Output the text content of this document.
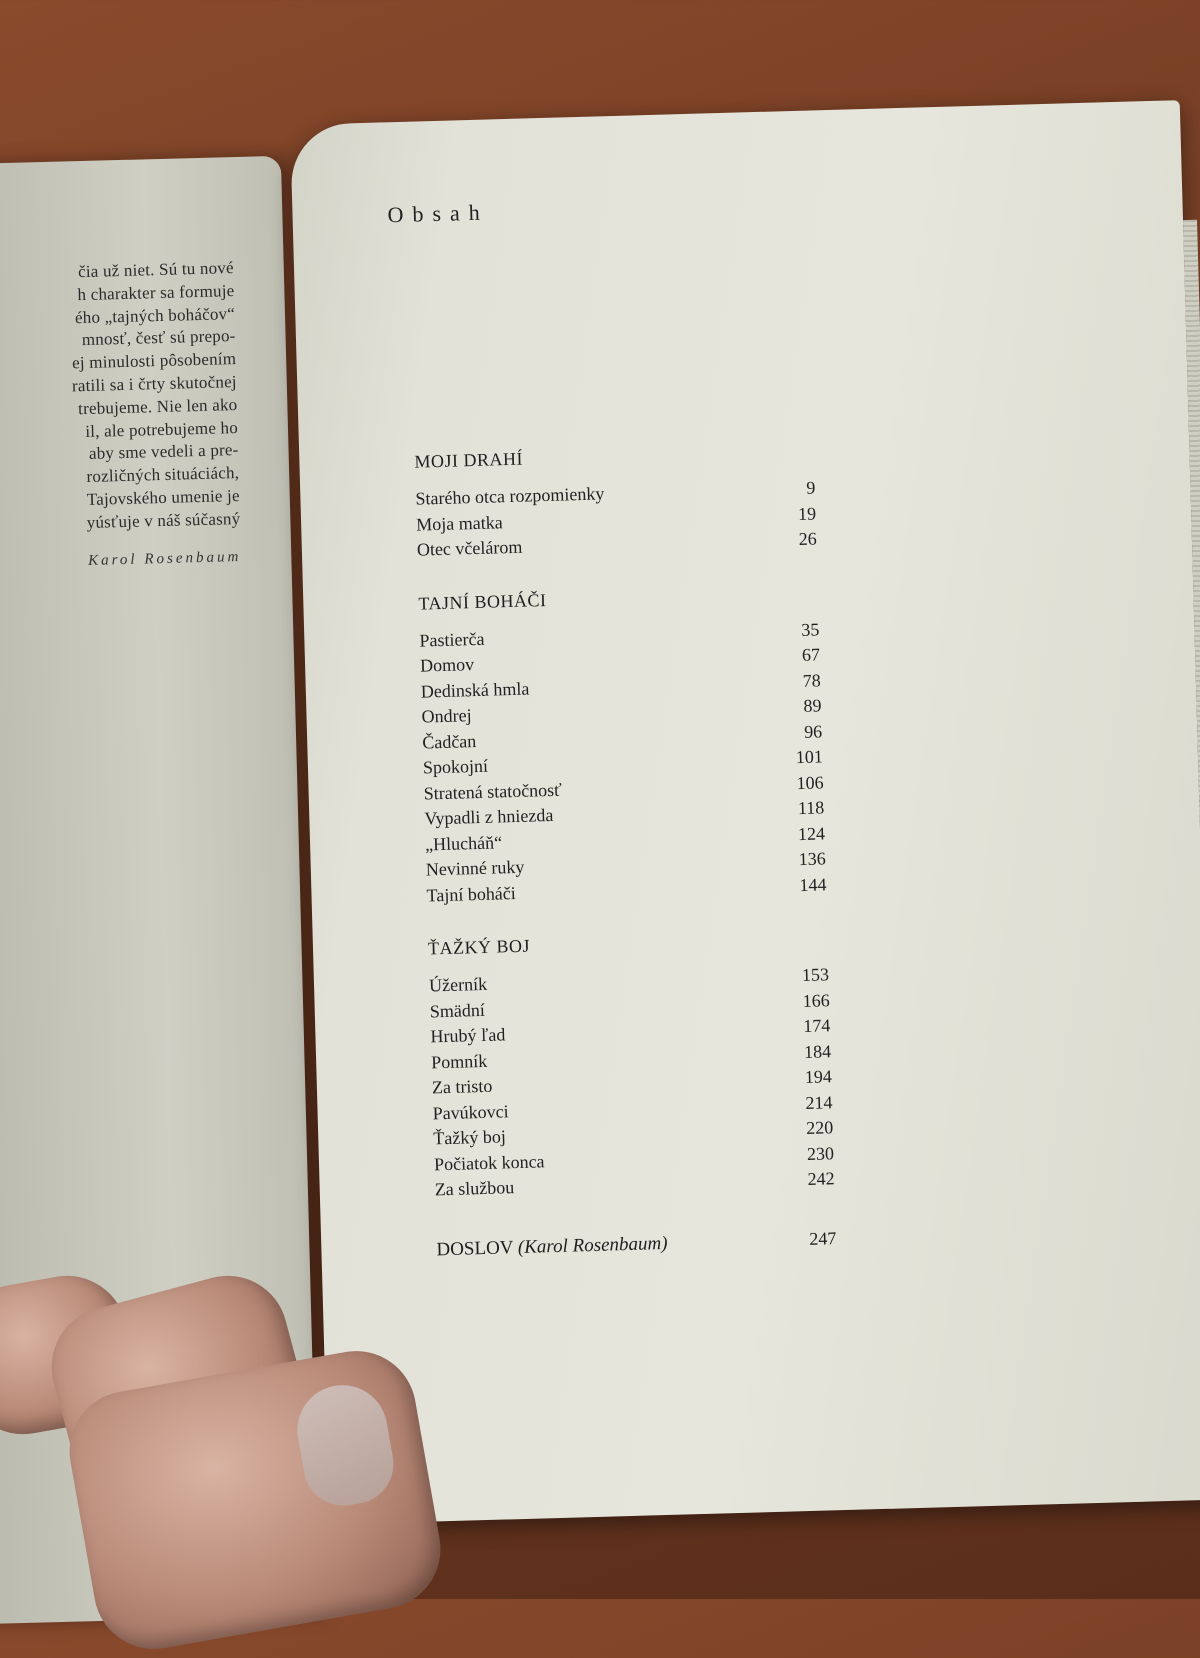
čia už niet. Sú tu nové
h charakter sa formuje
ého „tajných boháčov“
mnosť, česť sú prepo-
ej minulosti pôsobením
ratili sa i črty skutočnej
trebujeme. Nie len ako
il, ale potrebujeme ho
aby sme vedeli a pre-
rozličných situáciách,
Tajovského umenie je
yúsťuje v náš súčasný
Karol Rosenbaum
Obsah
MOJI DRAHÍ
Starého otca rozpomienky	9
Moja matka	19
Otec včelárom	26
TAJNÍ BOHÁČI
Pastierča	35
Domov	67
Dedinská hmla	78
Ondrej	89
Čadčan	96
Spokojní	101
Stratená statočnosť	106
Vypadli z hniezda	118
„Hlucháň“	124
Nevinné ruky	136
Tajní boháči	144
ŤAŽKÝ BOJ
Úžerník	153
Smädní	166
Hrubý ľad	174
Pomník	184
Za tristo	194
Pavúkovci	214
Ťažký boj	220
Počiatok konca	230
Za službou	242
DOSLOV (Karol Rosenbaum)	247
